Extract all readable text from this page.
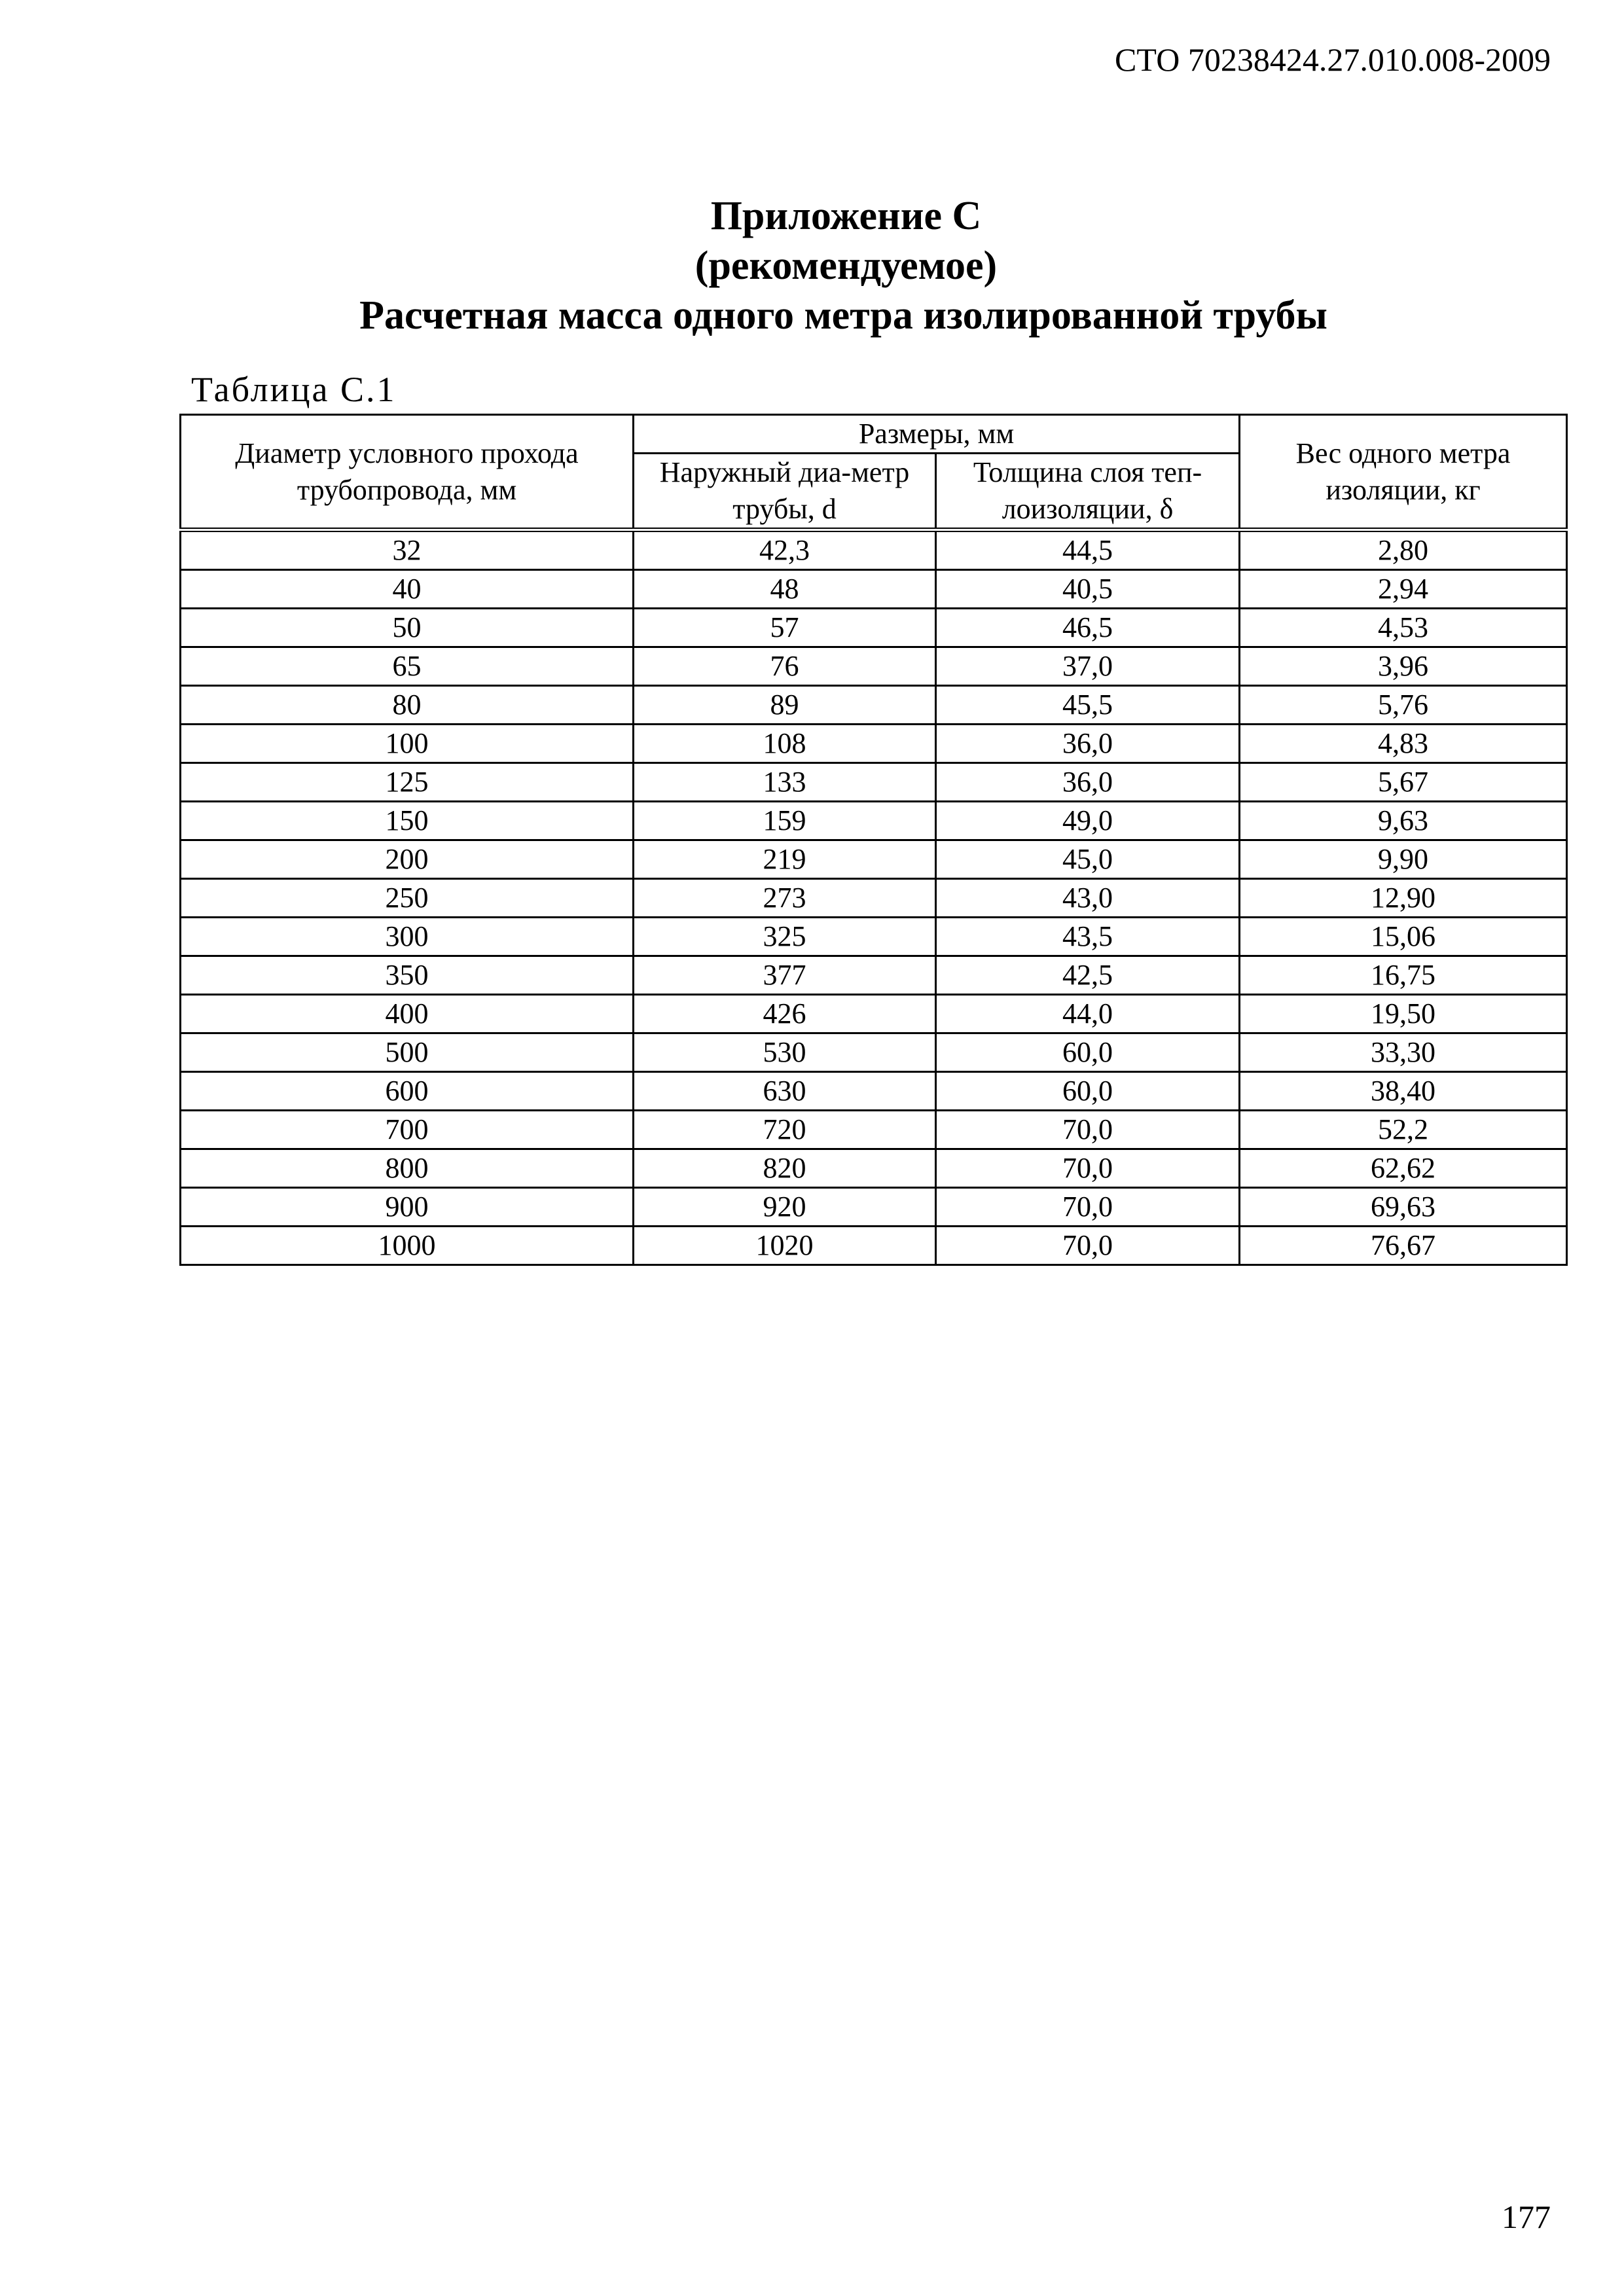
СТО 70238424.27.010.008-2009
Приложение С
(рекомендуемое)
Расчетная масса одного метра изолированной трубы
Таблица С.1
Диаметр условного прохода трубопровода, мм	Размеры, мм		Вес одного метра изоляции, кг
	Наружный диа-метр трубы, d	Толщина слоя теп-лоизоляции, δ	
32	42,3	44,5	2,80
40	48	40,5	2,94
50	57	46,5	4,53
65	76	37,0	3,96
80	89	45,5	5,76
100	108	36,0	4,83
125	133	36,0	5,67
150	159	49,0	9,63
200	219	45,0	9,90
250	273	43,0	12,90
300	325	43,5	15,06
350	377	42,5	16,75
400	426	44,0	19,50
500	530	60,0	33,30
600	630	60,0	38,40
700	720	70,0	52,2
800	820	70,0	62,62
900	920	70,0	69,63
1000	1020	70,0	76,67
177
